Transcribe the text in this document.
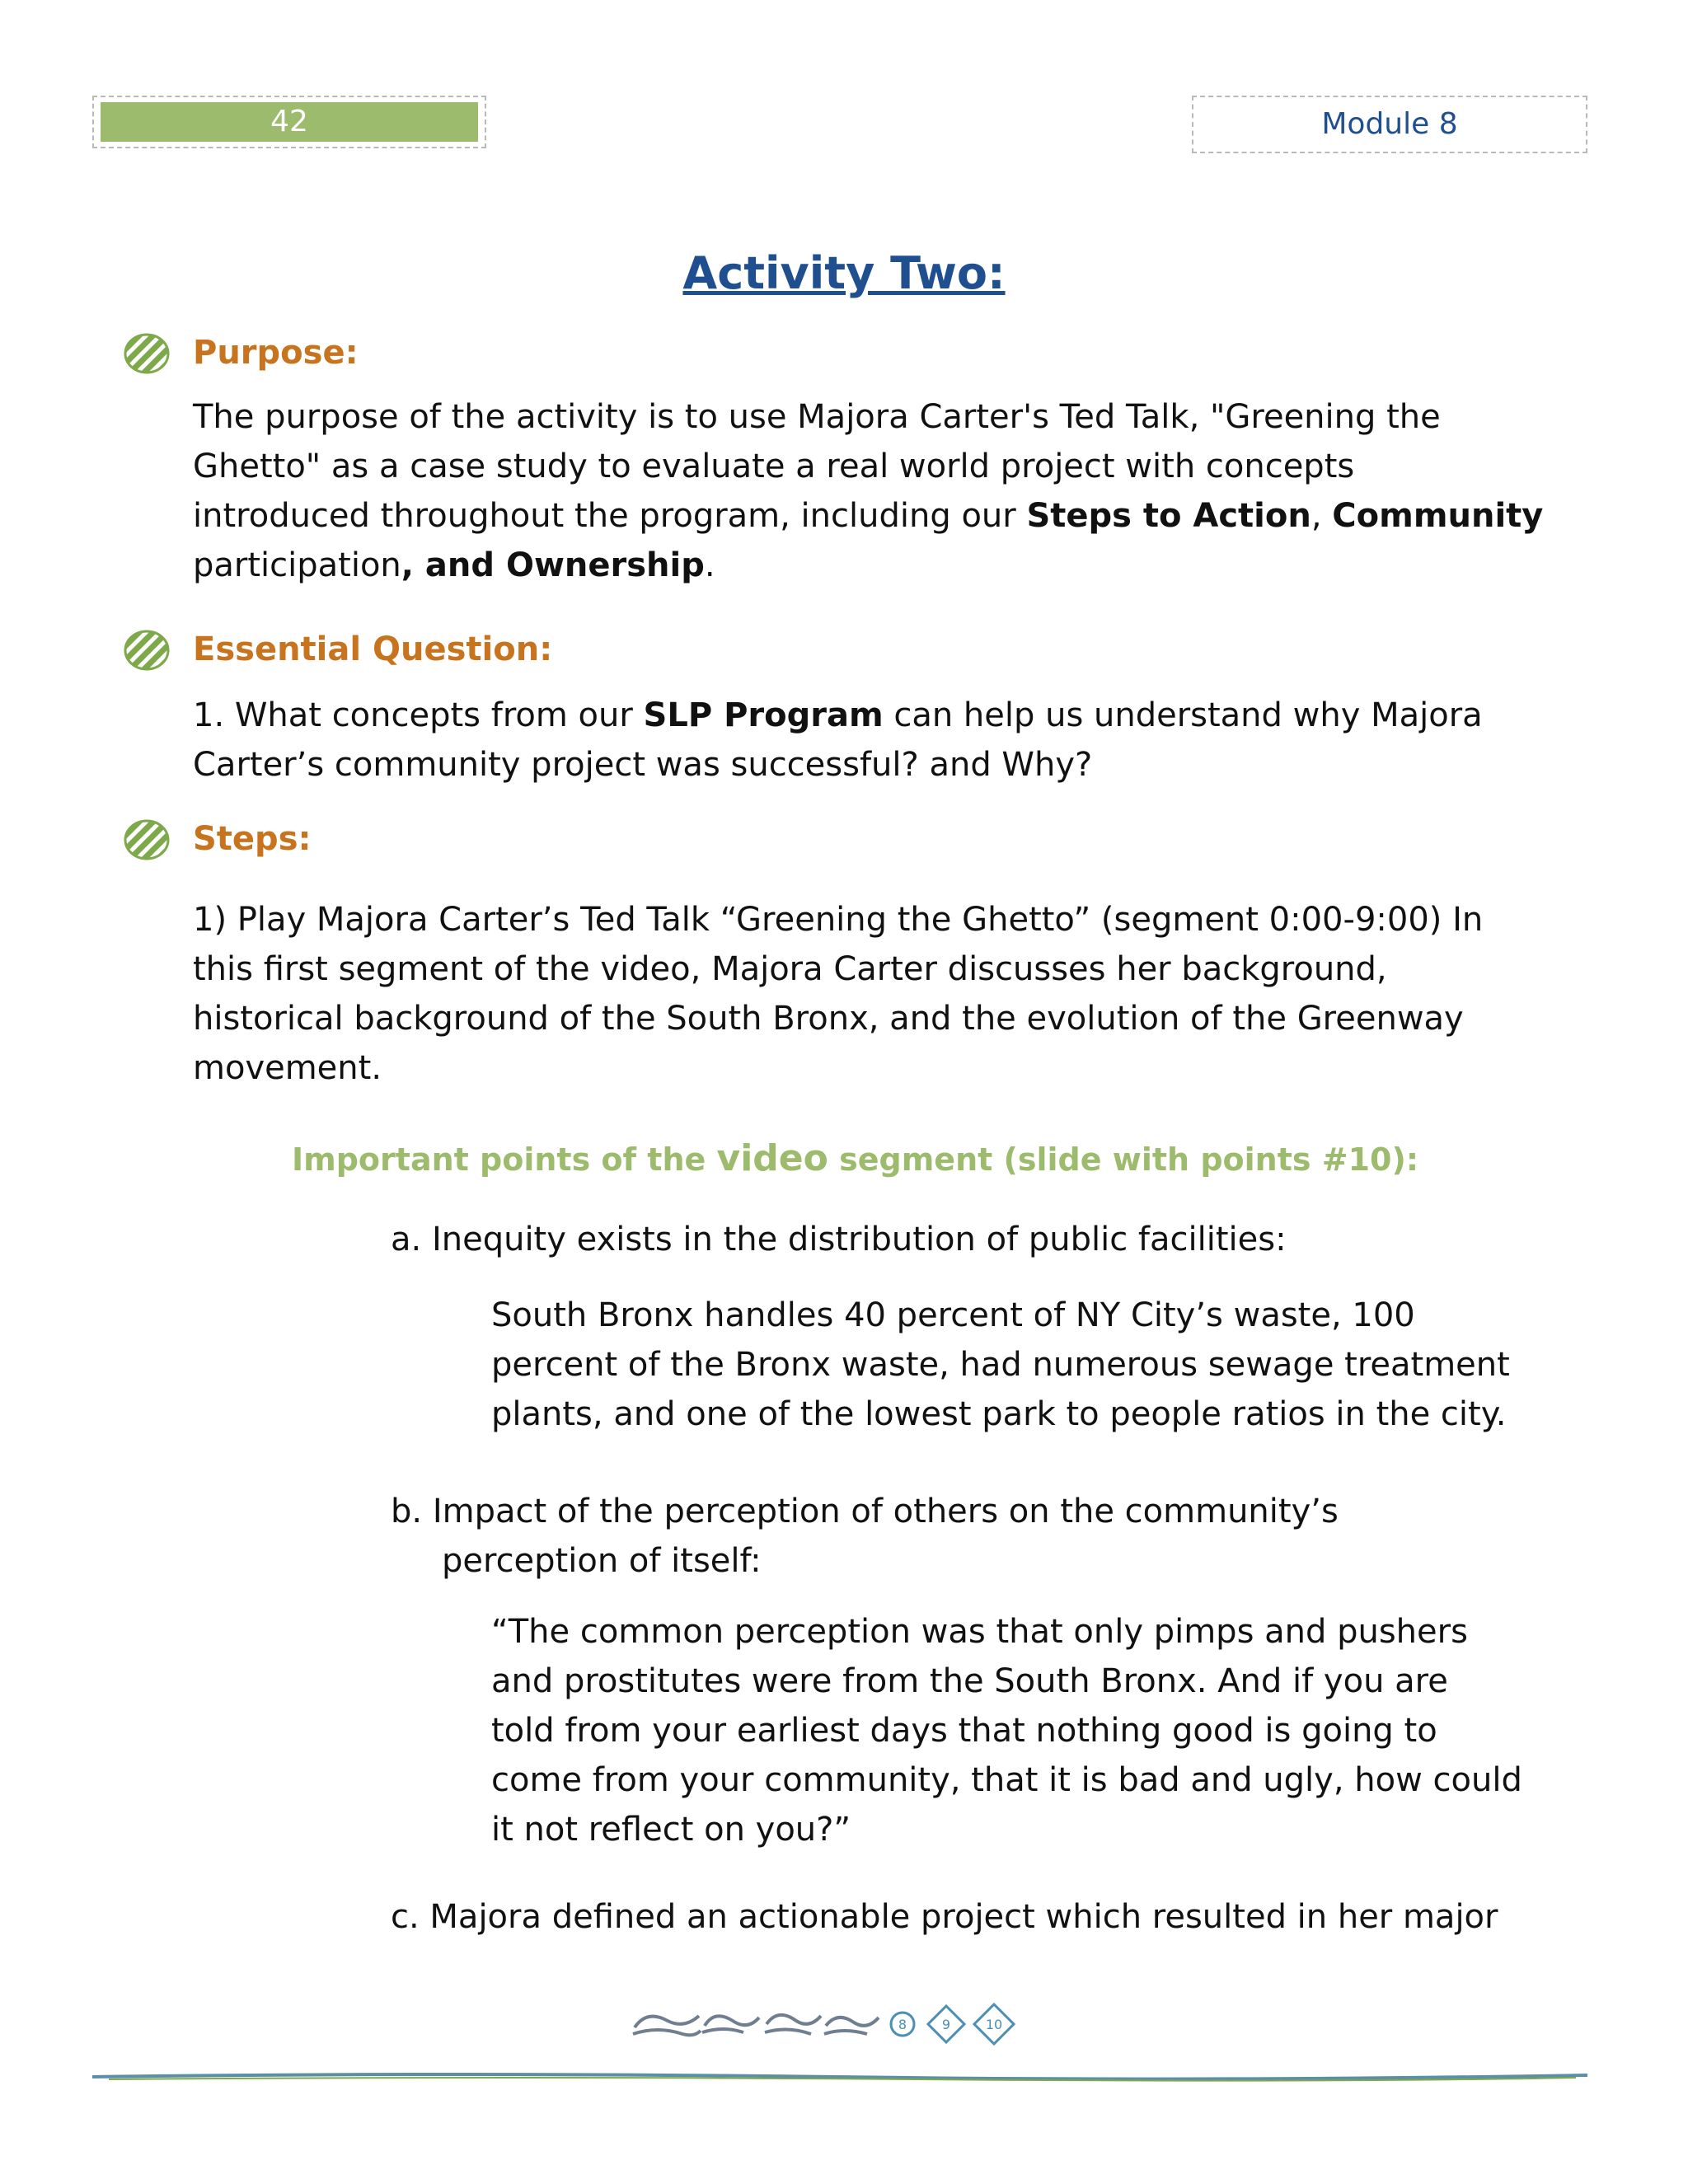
42	Module 8
Activity Two:
Purpose:
The purpose of the activity is to use Majora Carter's Ted Talk, "Greening the
Ghetto" as a case study to evaluate a real world project with concepts
introduced throughout the program, including our Steps to Action, Community
participation, and Ownership.
Essential Question:
1. What concepts from our SLP Program can help us understand why Majora
Carter’s community project was successful? and Why?
Steps:
1) Play Majora Carter’s Ted Talk “Greening the Ghetto” (segment 0:00-9:00) In
this first segment of the video, Majora Carter discusses her background,
historical background of the South Bronx, and the evolution of the Greenway
movement.
Important points of the video segment (slide with points #10):
a. Inequity exists in the distribution of public facilities:
South Bronx handles 40 percent of NY City’s waste, 100
percent of the Bronx waste, had numerous sewage treatment
plants, and one of the lowest park to people ratios in the city.
b. Impact of the perception of others on the community’s
perception of itself:
“The common perception was that only pimps and pushers
and prostitutes were from the South Bronx. And if you are
told from your earliest days that nothing good is going to
come from your community, that it is bad and ugly, how could
it not reflect on you?”
c. Majora defined an actionable project which resulted in her major
8	9	10
